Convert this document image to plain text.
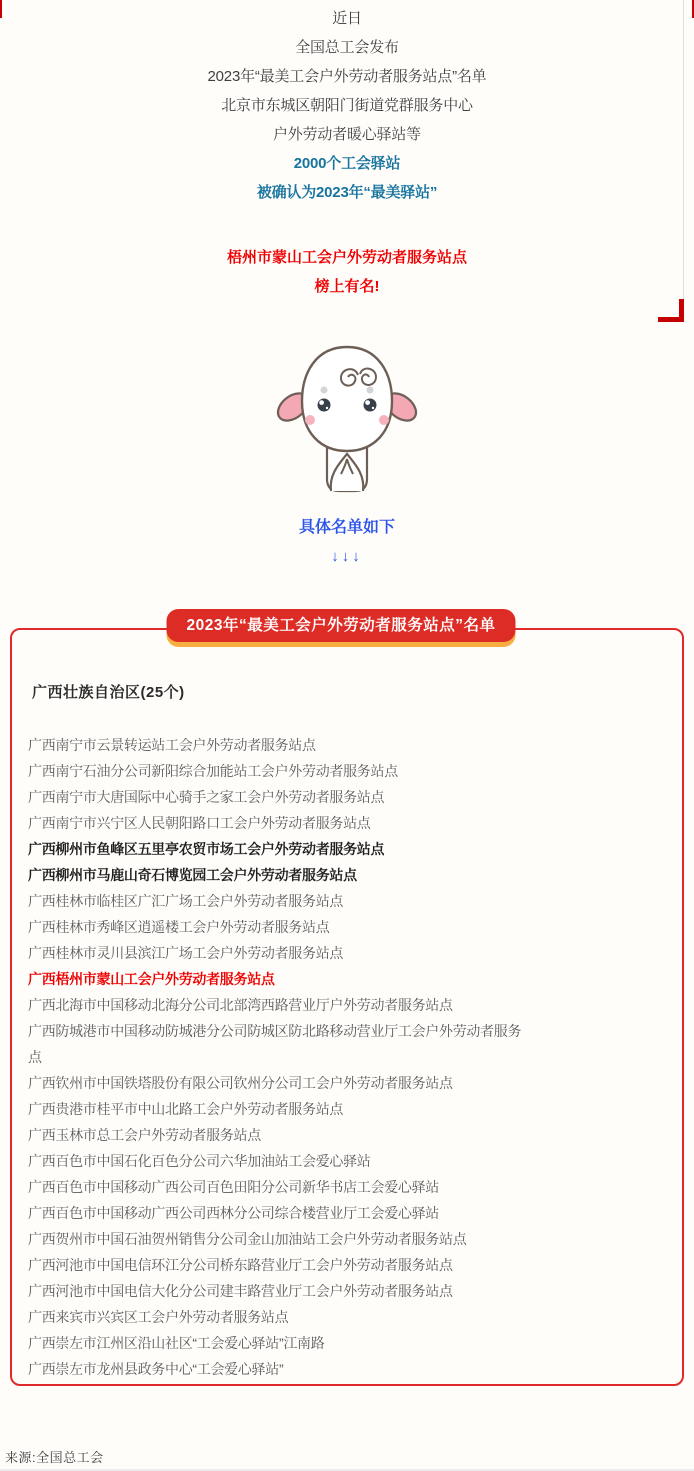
近日
全国总工会发布
2023年“最美工会户外劳动者服务站点”名单
北京市东城区朝阳门街道党群服务中心
户外劳动者暖心驿站等
2000个工会驿站
被确认为2023年“最美驿站”
梧州市蒙山工会户外劳动者服务站点
榜上有名!
具体名单如下
↓↓↓
2023年“最美工会户外劳动者服务站点”名单
广西壮族自治区(25个)
广西南宁市云景转运站工会户外劳动者服务站点
广西南宁石油分公司新阳综合加能站工会户外劳动者服务站点
广西南宁市大唐国际中心骑手之家工会户外劳动者服务站点
广西南宁市兴宁区人民朝阳路口工会户外劳动者服务站点
广西柳州市鱼峰区五里亭农贸市场工会户外劳动者服务站点
广西柳州市马鹿山奇石博览园工会户外劳动者服务站点
广西桂林市临桂区广汇广场工会户外劳动者服务站点
广西桂林市秀峰区逍遥楼工会户外劳动者服务站点
广西桂林市灵川县滨江广场工会户外劳动者服务站点
广西梧州市蒙山工会户外劳动者服务站点
广西北海市中国移动北海分公司北部湾西路营业厅户外劳动者服务站点
广西防城港市中国移动防城港分公司防城区防北路移动营业厅工会户外劳动者服务点
广西钦州市中国铁塔股份有限公司钦州分公司工会户外劳动者服务站点
广西贵港市桂平市中山北路工会户外劳动者服务站点
广西玉林市总工会户外劳动者服务站点
广西百色市中国石化百色分公司六华加油站工会爱心驿站
广西百色市中国移动广西公司百色田阳分公司新华书店工会爱心驿站
广西百色市中国移动广西公司西林分公司综合楼营业厅工会爱心驿站
广西贺州市中国石油贺州销售分公司金山加油站工会户外劳动者服务站点
广西河池市中国电信环江分公司桥东路营业厅工会户外劳动者服务站点
广西河池市中国电信大化分公司建丰路营业厅工会户外劳动者服务站点
广西来宾市兴宾区工会户外劳动者服务站点
广西崇左市江州区沿山社区“工会爱心驿站”江南路
广西崇左市龙州县政务中心“工会爱心驿站”
来源:全国总工会
